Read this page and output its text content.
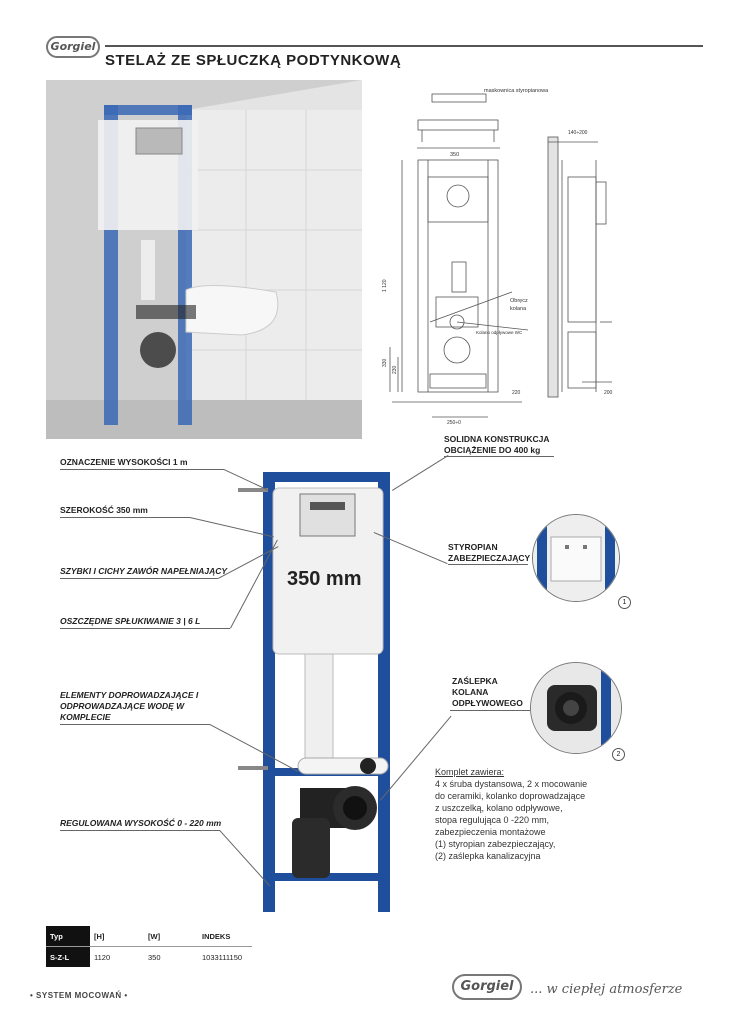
Gorgiel
STELAŻ ZE SPŁUCZKĄ PODTYNKOWĄ
maskownica styropianowa
350
140÷200
Obręcz
kolana
Kolano odpływowe WC
1 120
330
230
220
250÷0
200
350 mm
OZNACZENIE WYSOKOŚCI 1 m
SZEROKOŚĆ 350 mm
SZYBKI I CICHY ZAWÓR NAPEŁNIAJĄCY
OSZCZĘDNE SPŁUKIWANIE 3 | 6 L
ELEMENTY DOPROWADZAJĄCE I ODPROWADZAJĄCE WODĘ W KOMPLECIE
REGULOWANA WYSOKOŚĆ 0 - 220 mm
SOLIDNA KONSTRUKCJA OBCIĄŻENIE DO 400 kg
STYROPIAN ZABEZPIECZAJĄCY
ZAŚLEPKA KOLANA ODPŁYWOWEGO
1
2
Komplet zawiera:
4 x śruba dystansowa, 2 x mocowanie
do ceramiki, kolanko doprowadzające
z uszczelką, kolano odpływowe,
stopa regulująca 0 -220 mm,
zabezpieczenia montażowe
(1) styropian zabezpieczający,
(2) zaślepka kanalizacyjna
Typ	[H]	[W]	INDEKS
S-Z-L	1120	350	1033111150
• SYSTEM MOCOWAŃ •
Gorgiel	... w ciepłej atmosferze
